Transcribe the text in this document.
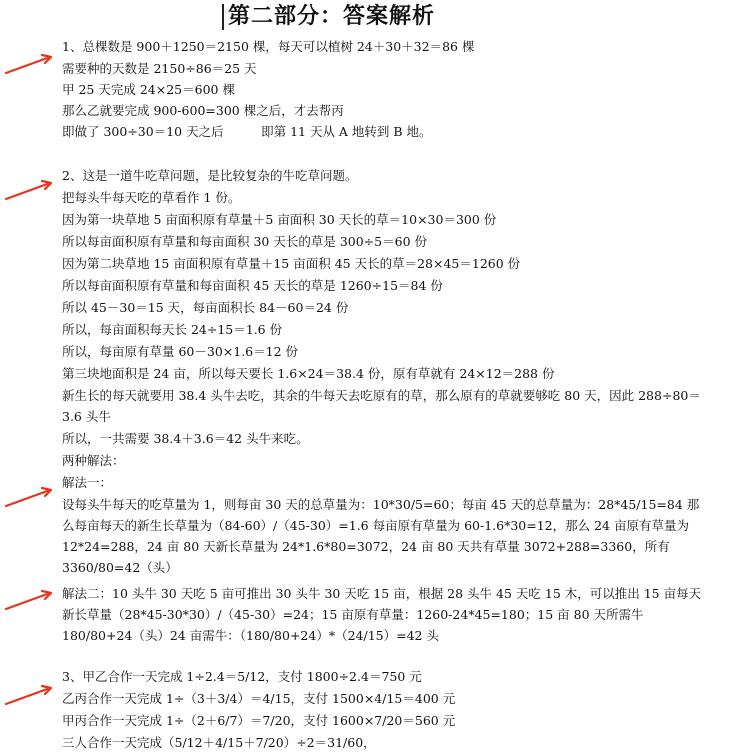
第二部分：答案解析
1、总棵数是 900＋1250＝2150 棵，每天可以植树 24＋30＋32＝86 棵
需要种的天数是 2150÷86＝25 天
甲 25 天完成 24×25＝600 棵
那么乙就要完成 900-600=300 棵之后，才去帮丙
即做了 300÷30＝10 天之后　　　即第 11 天从 A 地转到 B 地。
2、这是一道牛吃草问题，是比较复杂的牛吃草问题。
把每头牛每天吃的草看作 1 份。
因为第一块草地 5 亩面积原有草量＋5 亩面积 30 天长的草＝10×30＝300 份
所以每亩面积原有草量和每亩面积 30 天长的草是 300÷5＝60 份
因为第二块草地 15 亩面积原有草量＋15 亩面积 45 天长的草＝28×45＝1260 份
所以每亩面积原有草量和每亩面积 45 天长的草是 1260÷15＝84 份
所以 45－30＝15 天，每亩面积长 84－60＝24 份
所以，每亩面积每天长 24÷15＝1.6 份
所以，每亩原有草量 60－30×1.6＝12 份
第三块地面积是 24 亩，所以每天要长 1.6×24＝38.4 份，原有草就有 24×12＝288 份
新生长的每天就要用 38.4 头牛去吃，其余的牛每天去吃原有的草，那么原有的草就要够吃 80 天，因此 288÷80＝3.6 头牛
所以，一共需要 38.4＋3.6＝42 头牛来吃。
两种解法：
解法一：
设每头牛每天的吃草量为 1，则每亩 30 天的总草量为：10*30/5=60；每亩 45 天的总草量为：28*45/15=84 那么每亩每天的新生长草量为（84-60）/（45-30）=1.6 每亩原有草量为 60-1.6*30=12，那么 24 亩原有草量为 12*24=288，24 亩 80 天新长草量为 24*1.6*80=3072，24 亩 80 天共有草量 3072+288=3360，所有 3360/80=42（头）
解法二：10 头牛 30 天吃 5 亩可推出 30 头牛 30 天吃 15 亩，根据 28 头牛 45 天吃 15 木，可以推出 15 亩每天新长草量（28*45-30*30）/（45-30）=24；15 亩原有草量：1260-24*45=180；15 亩 80 天所需牛 180/80+24（头）24 亩需牛：（180/80+24）*（24/15）=42 头
3、甲乙合作一天完成 1÷2.4＝5/12，支付 1800÷2.4＝750 元
乙丙合作一天完成 1÷（3＋3/4）＝4/15，支付 1500×4/15＝400 元
甲丙合作一天完成 1÷（2＋6/7）＝7/20，支付 1600×7/20＝560 元
三人合作一天完成（5/12＋4/15＋7/20）÷2＝31/60，
